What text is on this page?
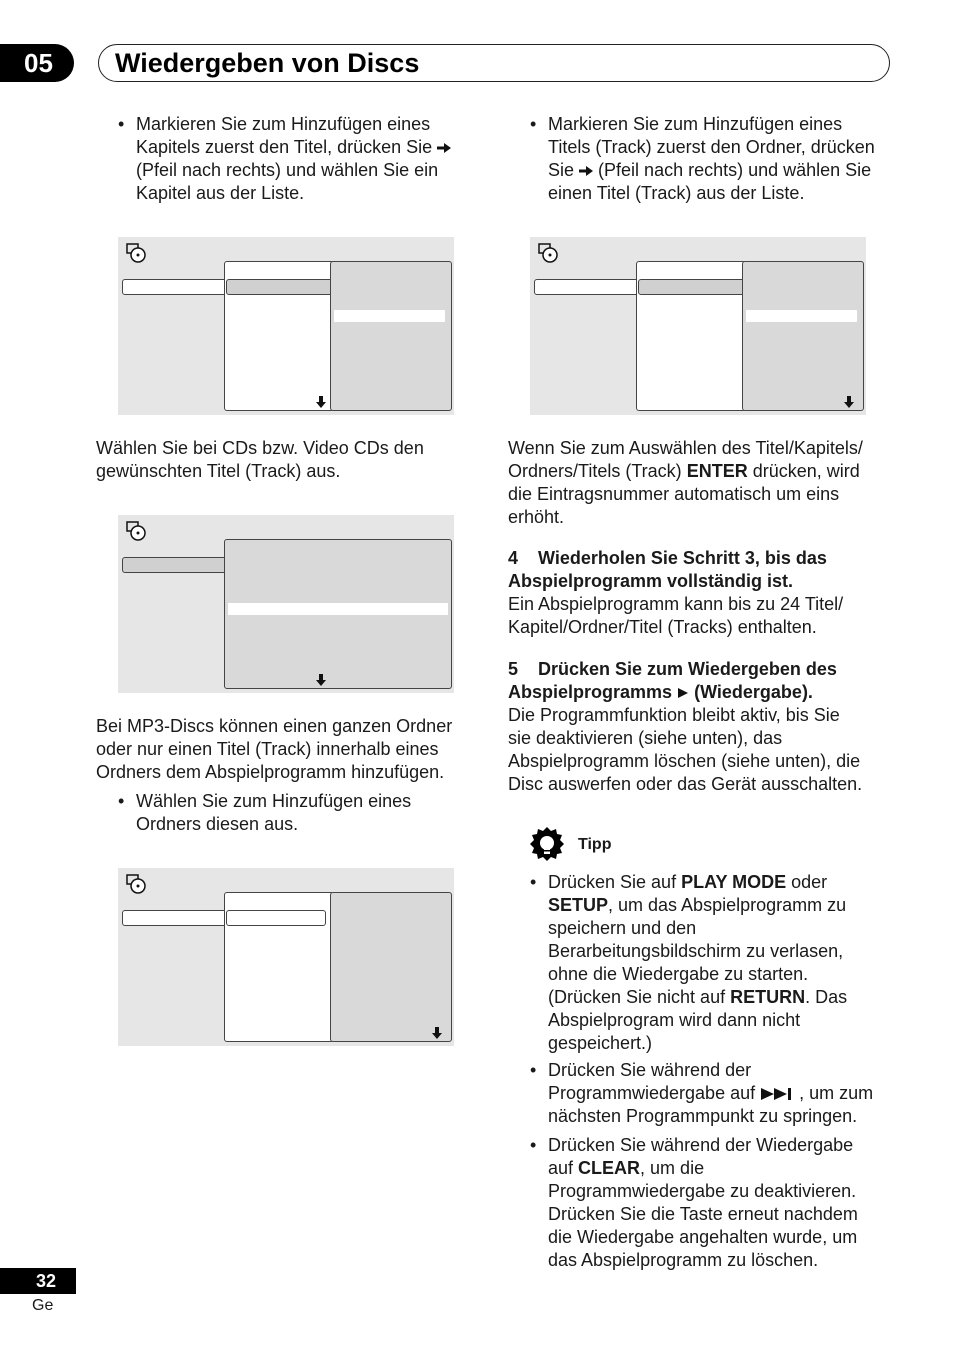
05	Wiedergeben von Discs
• Markieren Sie zum Hinzufügen eines
Kapitels zuerst den Titel, drücken Sie
(Pfeil nach rechts) und wählen Sie ein
Kapitel aus der Liste.
Wählen Sie bei CDs bzw. Video CDs den
gewünschten Titel (Track) aus.
Bei MP3-Discs können einen ganzen Ordner
oder nur einen Titel (Track) innerhalb eines
Ordners dem Abspielprogramm hinzufügen.
• Wählen Sie zum Hinzufügen eines
Ordners diesen aus.
• Markieren Sie zum Hinzufügen eines
Titels (Track) zuerst den Ordner, drücken
Sie (Pfeil nach rechts) und wählen Sie
einen Titel (Track) aus der Liste.
Wenn Sie zum Auswählen des Titel/Kapitels/
Ordners/Titels (Track) ENTER drücken, wird
die Eintragsnummer automatisch um eins
erhöht.
4    Wiederholen Sie Schritt 3, bis das
Abspielprogramm vollständig ist.
Ein Abspielprogramm kann bis zu 24 Titel/
Kapitel/Ordner/Titel (Tracks) enthalten.
5    Drücken Sie zum Wiedergeben des
Abspielprogramms (Wiedergabe).
Die Programmfunktion bleibt aktiv, bis Sie
sie deaktivieren (siehe unten), das
Abspielprogramm löschen (siehe unten), die
Disc auswerfen oder das Gerät ausschalten.
Tipp
• Drücken Sie auf PLAY MODE oder
SETUP, um das Abspielprogramm zu
speichern und den
Berarbeitungsbildschirm zu verlasen,
ohne die Wiedergabe zu starten.
(Drücken Sie nicht auf RETURN. Das
Abspielprogram wird dann nicht
gespeichert.)
• Drücken Sie während der
Programmwiedergabe auf , um zum
nächsten Programmpunkt zu springen.
• Drücken Sie während der Wiedergabe
auf CLEAR, um die
Programmwiedergabe zu deaktivieren.
Drücken Sie die Taste erneut nachdem
die Wiedergabe angehalten wurde, um
das Abspielprogramm zu löschen.
32
Ge
